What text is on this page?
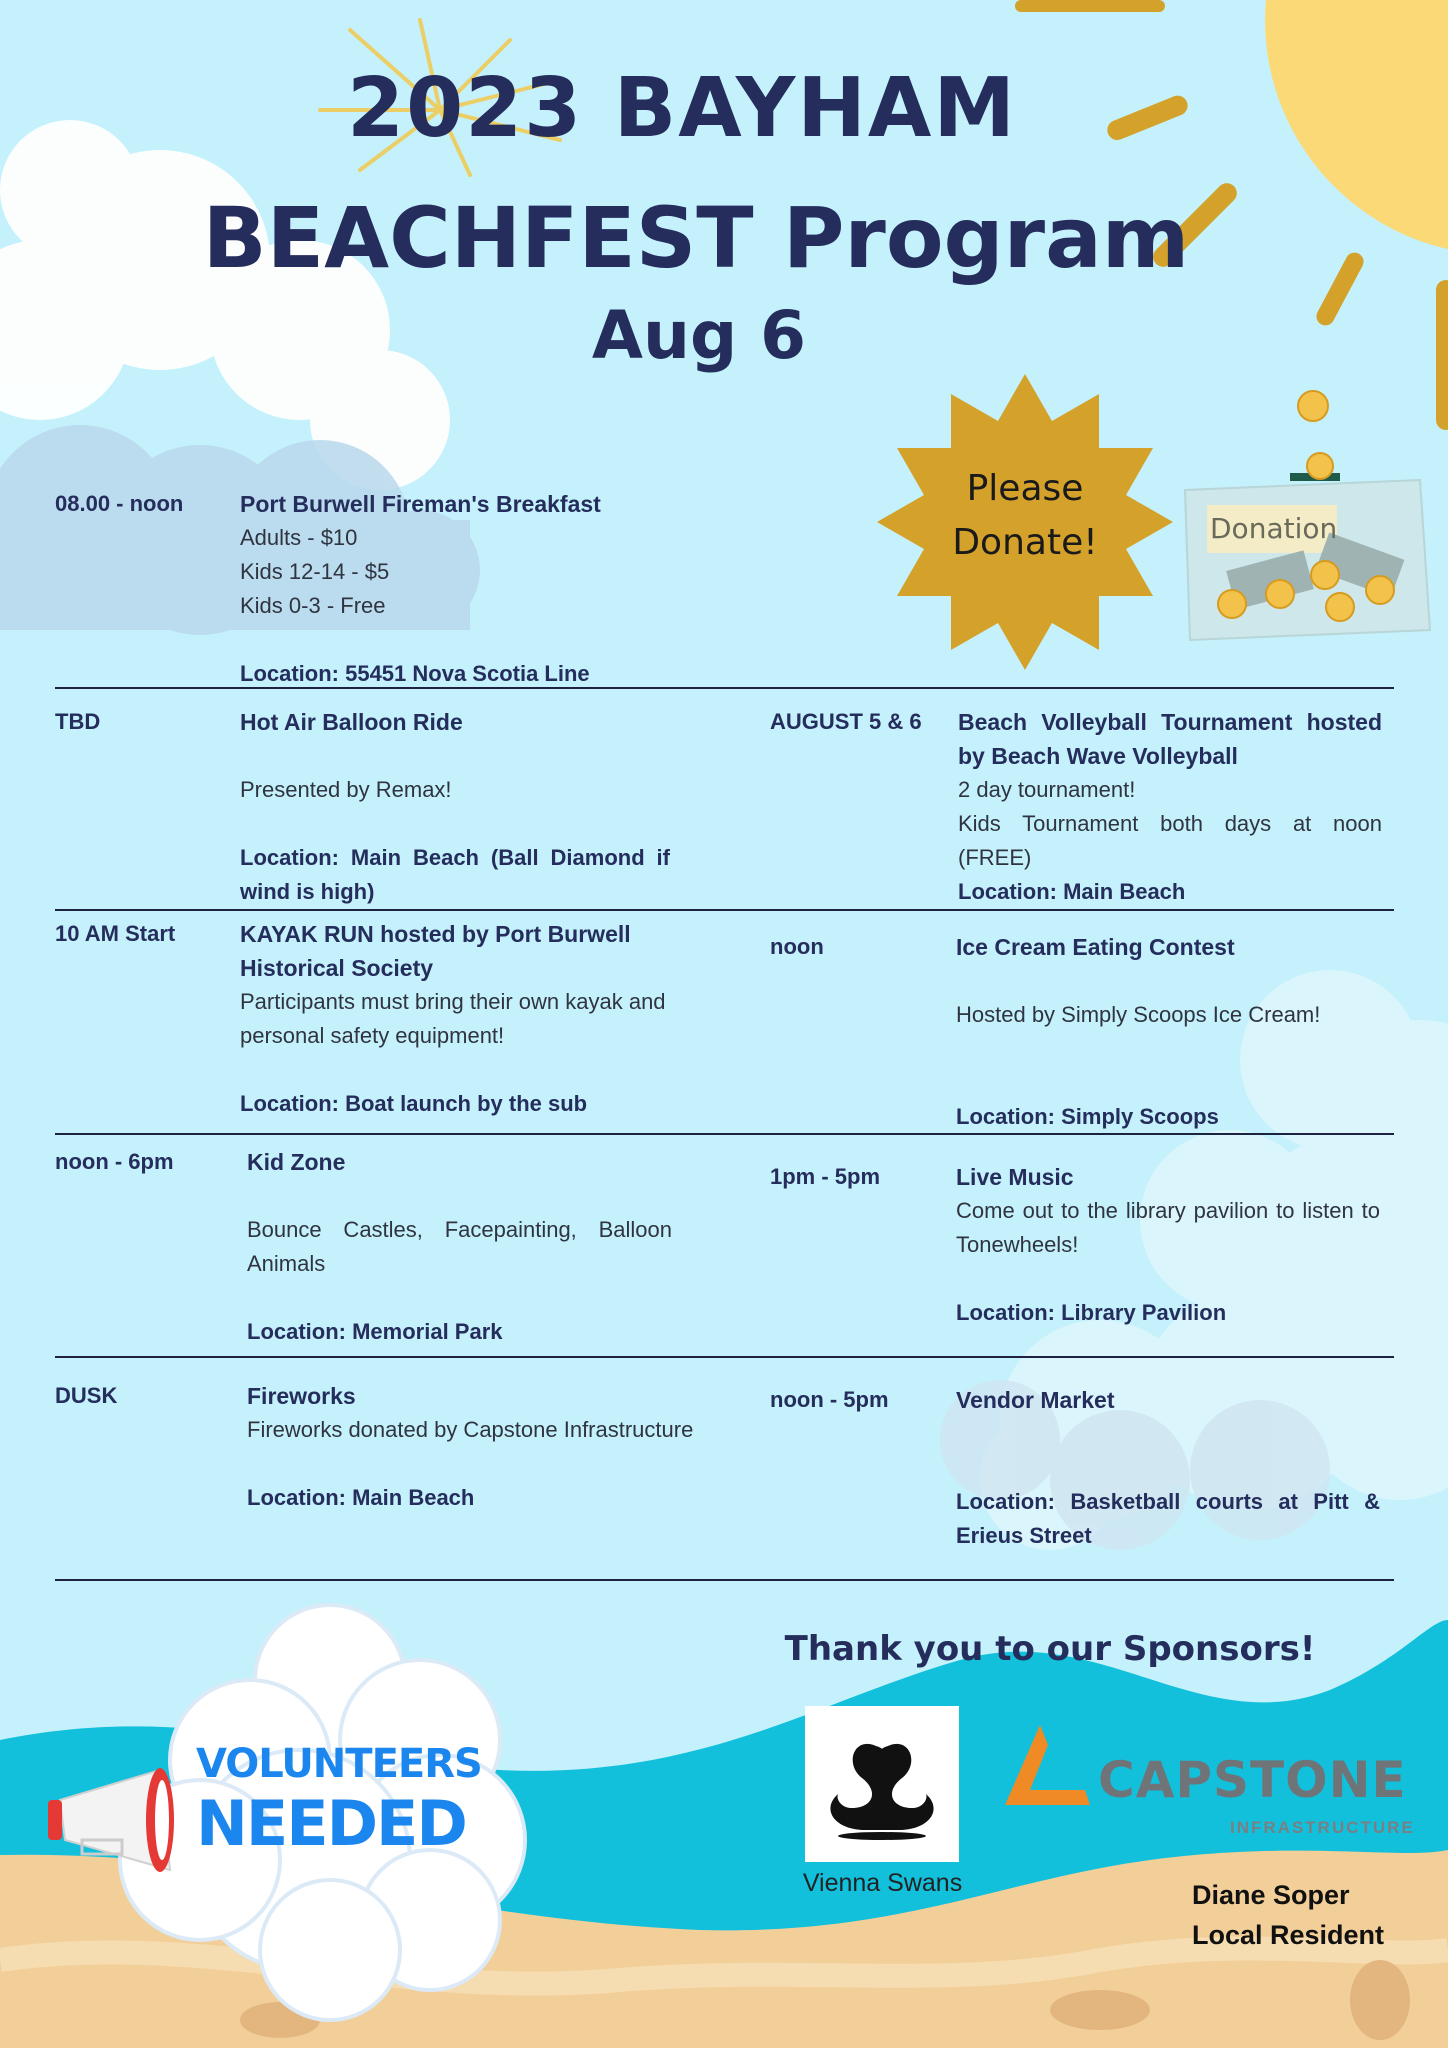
2023 BAYHAM
BEACHFEST Program
Aug 6
Please
Donate!	Donation
08.00 - noon Port Burwell Fireman's Breakfast
Adults - $10
Kids 12-14 - $5
Kids 0-3 - Free
Location: 55451 Nova Scotia Line
TBD	Hot Air Balloon Ride
Presented by Remax!
Location: Main Beach (Ball Diamond if wind is high)
AUGUST 5 & 6 Beach Volleyball Tournament hosted by Beach Wave Volleyball
2 day tournament!
Kids Tournament both days at noon (FREE)
Location: Main Beach
10 AM Start	KAYAK RUN hosted by Port Burwell Historical Society
Participants must bring their own kayak and personal safety equipment!
Location: Boat launch by the sub
noon	Ice Cream Eating Contest
Hosted by Simply Scoops Ice Cream!
Location: Simply Scoops
noon - 6pm	Kid Zone
Bounce Castles, Facepainting, Balloon Animals
Location: Memorial Park
1pm - 5pm	Live Music
Come out to the library pavilion to listen to Tonewheels!
Location: Library Pavilion
DUSK	Fireworks
Fireworks donated by Capstone Infrastructure
Location: Main Beach
noon - 5pm	Vendor Market
Location: Basketball courts at Pitt & Erieus Street
VOLUNTEERS
NEEDED
Thank you to our Sponsors!
Vienna Swans
CAPSTONE
INFRASTRUCTURE
Diane Soper
Local Resident
